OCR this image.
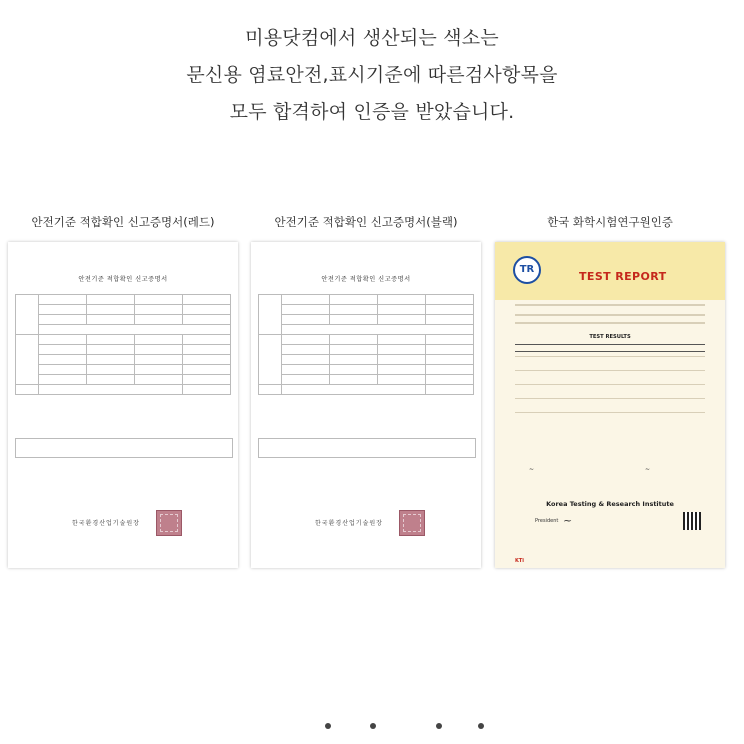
미용닷컴에서 생산되는 색소는
문신용 염료안전,표시기준에 따른검사항목을
모두 합격하여 인증을 받았습니다.
안전기준 적합확인 신고증명서(레드)	안전기준 적합확인 신고증명서(블랙)	한국 화학시험연구원인증
안전기준 적합확인 신고증명서

한국환경산업기술원장
안전기준 적합확인 신고증명서

한국환경산업기술원장
TR
TEST REPORT
TEST RESULTS
~	~
Korea Testing & Research Institute
President ~
KTi
